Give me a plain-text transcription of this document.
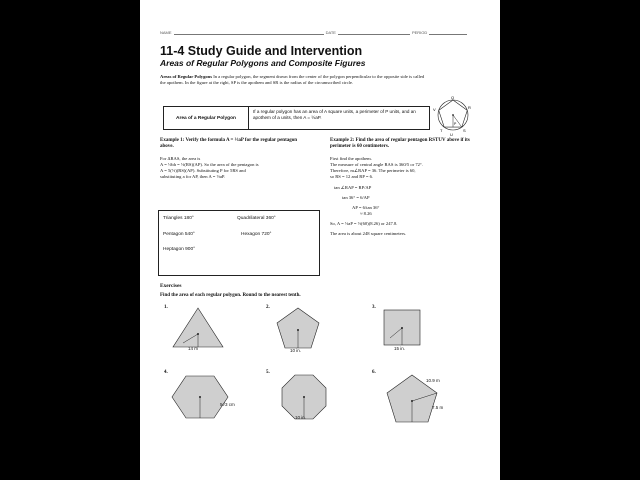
NAME	DATE	PERIOD
11-4 Study Guide and Intervention
Areas of Regular Polygons and Composite Figures
Areas of Regular Polygons In a regular polygon, the segment drawn from the center of the polygon perpendicular to the opposite side is called the apothem. In the figure at the right, SP is the apothem and SR is the radius of the circumscribed circle.
Area of a Regular Polygon
If a regular polygon has an area of A square units, a perimeter of P units, and an apothem of a units, then A = ½aP.
Q
R
V
S
T
U
P
Example 1: Verify the formula A = ½aP for the regular pentagon above.
For ΔRAS, the area is
A = ½bh = ½(RS)(AP). So the area of the pentagon is
A = 5(½)(RS)(AP). Substituting P for 5RS and
substituting a for AP, then A = ½aP.
Triangles 180°	Quadrilateral 360°
Pentagon 540°	Hexagon 720°
Heptagon 900°
Example 2: Find the area of regular pentagon RSTUV above if its perimeter is 60 centimeters.
First find the apothem.
The measure of central angle RAS is 360/5 or 72°.
Therefore, m∠RAP = 36. The perimeter is 60,
so RS = 12 and RP = 6.
tan ∠RAP = RP/AP
tan 36° = 6/AP
AP = 6/tan 36°
≈ 8.26
So, A = ½aP = ½(60)(8.26) or 247.8.
The area is about 248 square centimeters.
Exercises
Find the area of each regular polygon. Round to the nearest tenth.
1.
14 m
2.
10 in.
3.
15 in.
4.
5√3 cm
5.
10 in.
6.
10.9 m
7.5 m
